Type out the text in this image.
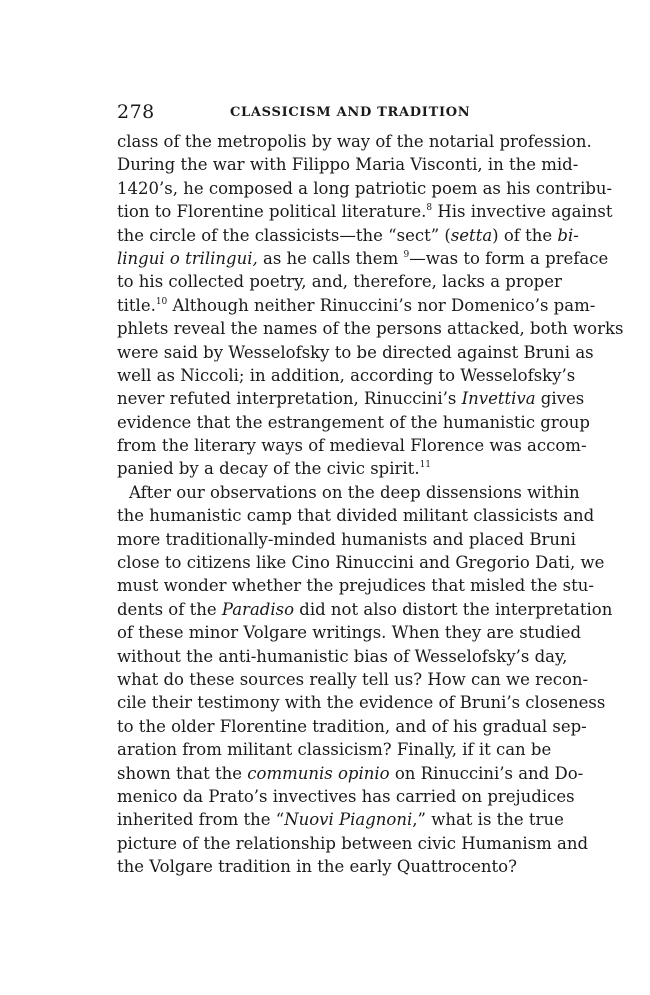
278	CLASSICISM AND TRADITION
class of the metropolis by way of the notarial profession.
During the war with Filippo Maria Visconti, in the mid-
1420’s, he composed a long patriotic poem as his contribu-
tion to Florentine political literature.$^8$ His invective against
the circle of the classicists—the “sect” (setta) of the bi-
lingui o trilingui, as he calls them $^9$—was to form a preface
to his collected poetry, and, therefore, lacks a proper
title.$^{10}$ Although neither Rinuccini’s nor Domenico’s pam-
phlets reveal the names of the persons attacked, both works
were said by Wesselofsky to be directed against Bruni as
well as Niccoli; in addition, according to Wesselofsky’s
never refuted interpretation, Rinuccini’s Invettiva gives
evidence that the estrangement of the humanistic group
from the literary ways of medieval Florence was accom-
panied by a decay of the civic spirit.$^{11}$
After our observations on the deep dissensions within
the humanistic camp that divided militant classicists and
more traditionally-minded humanists and placed Bruni
close to citizens like Cino Rinuccini and Gregorio Dati, we
must wonder whether the prejudices that misled the stu-
dents of the Paradiso did not also distort the interpretation
of these minor Volgare writings. When they are studied
without the anti-humanistic bias of Wesselofsky’s day,
what do these sources really tell us? How can we recon-
cile their testimony with the evidence of Bruni’s closeness
to the older Florentine tradition, and of his gradual sep-
aration from militant classicism? Finally, if it can be
shown that the communis opinio on Rinuccini’s and Do-
menico da Prato’s invectives has carried on prejudices
inherited from the “Nuovi Piagnoni,” what is the true
picture of the relationship between civic Humanism and
the Volgare tradition in the early Quattrocento?
